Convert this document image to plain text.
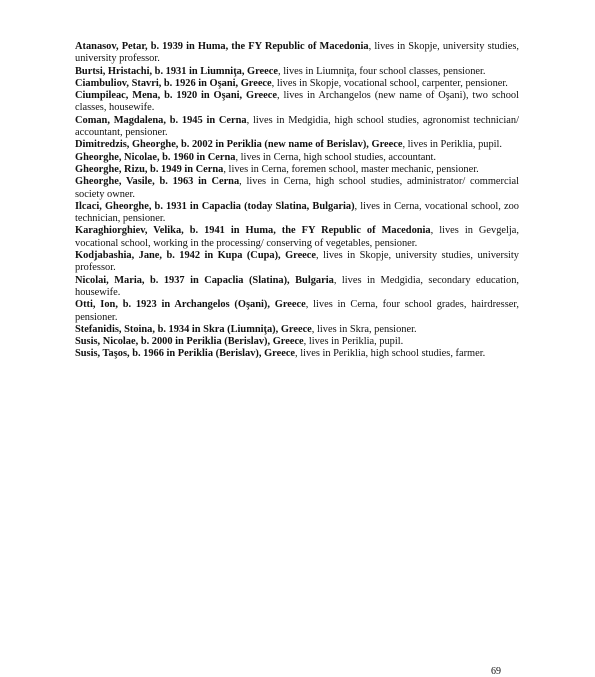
Atanasov, Petar, b. 1939 in Huma, the FY Republic of Macedonia, lives in Skopje, university studies, university professor.

Burtsi, Hristachi, b. 1931 in Liumniţa, Greece, lives in Liumniţa, four school classes, pensioner.

Ciambuliov, Stavri, b. 1926 in Oşani, Greece, lives in Skopje, vocational school, carpenter, pensioner.

Ciumpileac, Mena, b. 1920 in Oşani, Greece, lives in Archangelos (new name of Oşani), two school classes, housewife.

Coman, Magdalena, b. 1945 in Cerna, lives in Medgidia, high school studies, agronomist technician/ accountant, pensioner.

Dimitredzis, Gheorghe, b. 2002 in Periklia (new name of Berislav), Greece, lives in Periklia, pupil.

Gheorghe, Nicolae, b. 1960 in Cerna, lives in Cerna, high school studies, accountant.

Gheorghe, Rizu, b. 1949 in Cerna, lives in Cerna, foremen school, master mechanic, pensioner.

Gheorghe, Vasile, b. 1963 in Cerna, lives in Cerna, high school studies, administrator/ commercial society owner.

Ilcaci, Gheorghe, b. 1931 in Capaclia (today Slatina, Bulgaria), lives in Cerna, vocational school, zoo technician, pensioner.

Karaghiorghiev, Velika, b. 1941 in Huma, the FY Republic of Macedonia, lives in Gevgelja, vocational school, working in the processing/ conserving of vegetables, pensioner.

Kodjabashia, Jane, b. 1942 in Kupa (Cupa), Greece, lives in Skopje, university studies, university professor.

Nicolai, Maria, b. 1937 in Capaclia (Slatina), Bulgaria, lives in Medgidia, secondary education, housewife.

Otti, Ion, b. 1923 in Archangelos (Oşani), Greece, lives in Cerna, four school grades, hairdresser, pensioner.

Stefanidis, Stoina, b. 1934 in Skra (Liumniţa), Greece, lives in Skra, pensioner.

Susis, Nicolae, b. 2000 in Periklia (Berislav), Greece, lives in Periklia, pupil.

Susis, Taşos, b. 1966 in Periklia (Berislav), Greece, lives in Periklia, high school studies, farmer.

69
